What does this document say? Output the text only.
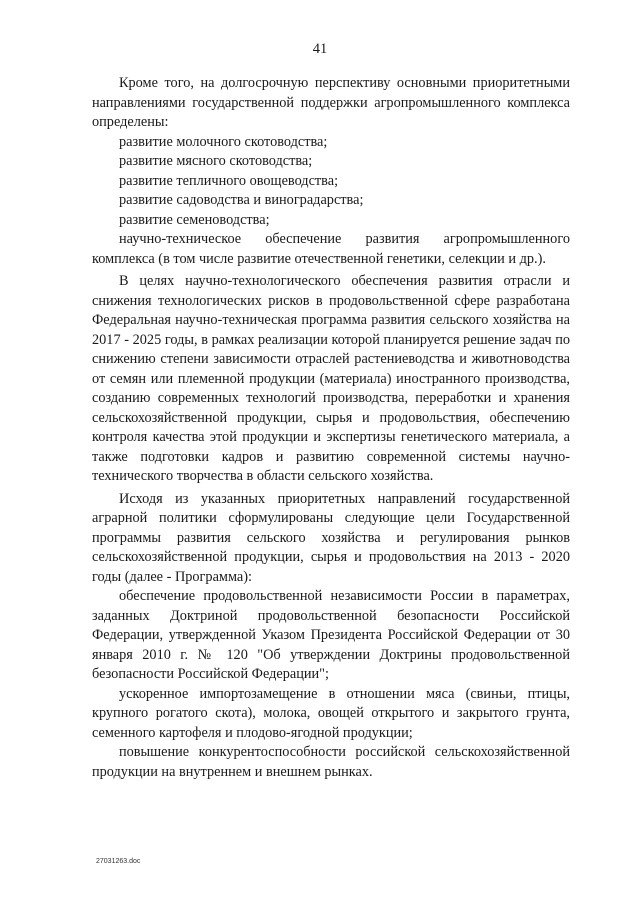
41

Кроме того, на долгосрочную перспективу основными приоритетными направлениями государственной поддержки агропромышленного комплекса определены:

развитие молочного скотоводства;

развитие мясного скотоводства;

развитие тепличного овощеводства;

развитие садоводства и виноградарства;

развитие семеноводства;

научно-техническое обеспечение развития агропромышленного комплекса (в том числе развитие отечественной генетики, селекции и др.).

В целях научно-технологического обеспечения развития отрасли и снижения технологических рисков в продовольственной сфере разработана Федеральная научно-техническая программа развития сельского хозяйства на 2017 - 2025 годы, в рамках реализации которой планируется решение задач по снижению степени зависимости отраслей растениеводства и животноводства от семян или племенной продукции (материала) иностранного производства, созданию современных технологий производства, переработки и хранения сельскохозяйственной продукции, сырья и продовольствия, обеспечению контроля качества этой продукции и экспертизы генетического материала, а также подготовки кадров и развитию современной системы научно-технического творчества в области сельского хозяйства.

Исходя из указанных приоритетных направлений государственной аграрной политики сформулированы следующие цели Государственной программы развития сельского хозяйства и регулирования рынков сельскохозяйственной продукции, сырья и продовольствия на 2013 - 2020 годы (далее - Программа):

обеспечение продовольственной независимости России в параметрах, заданных Доктриной продовольственной безопасности Российской Федерации, утвержденной Указом Президента Российской Федерации от 30 января 2010 г. № 120 "Об утверждении Доктрины продовольственной безопасности Российской Федерации";

ускоренное импортозамещение в отношении мяса (свиньи, птицы, крупного рогатого скота), молока, овощей открытого и закрытого грунта, семенного картофеля и плодово-ягодной продукции;

повышение конкурентоспособности российской сельскохозяйственной продукции на внутреннем и внешнем рынках.

27031263.doc
